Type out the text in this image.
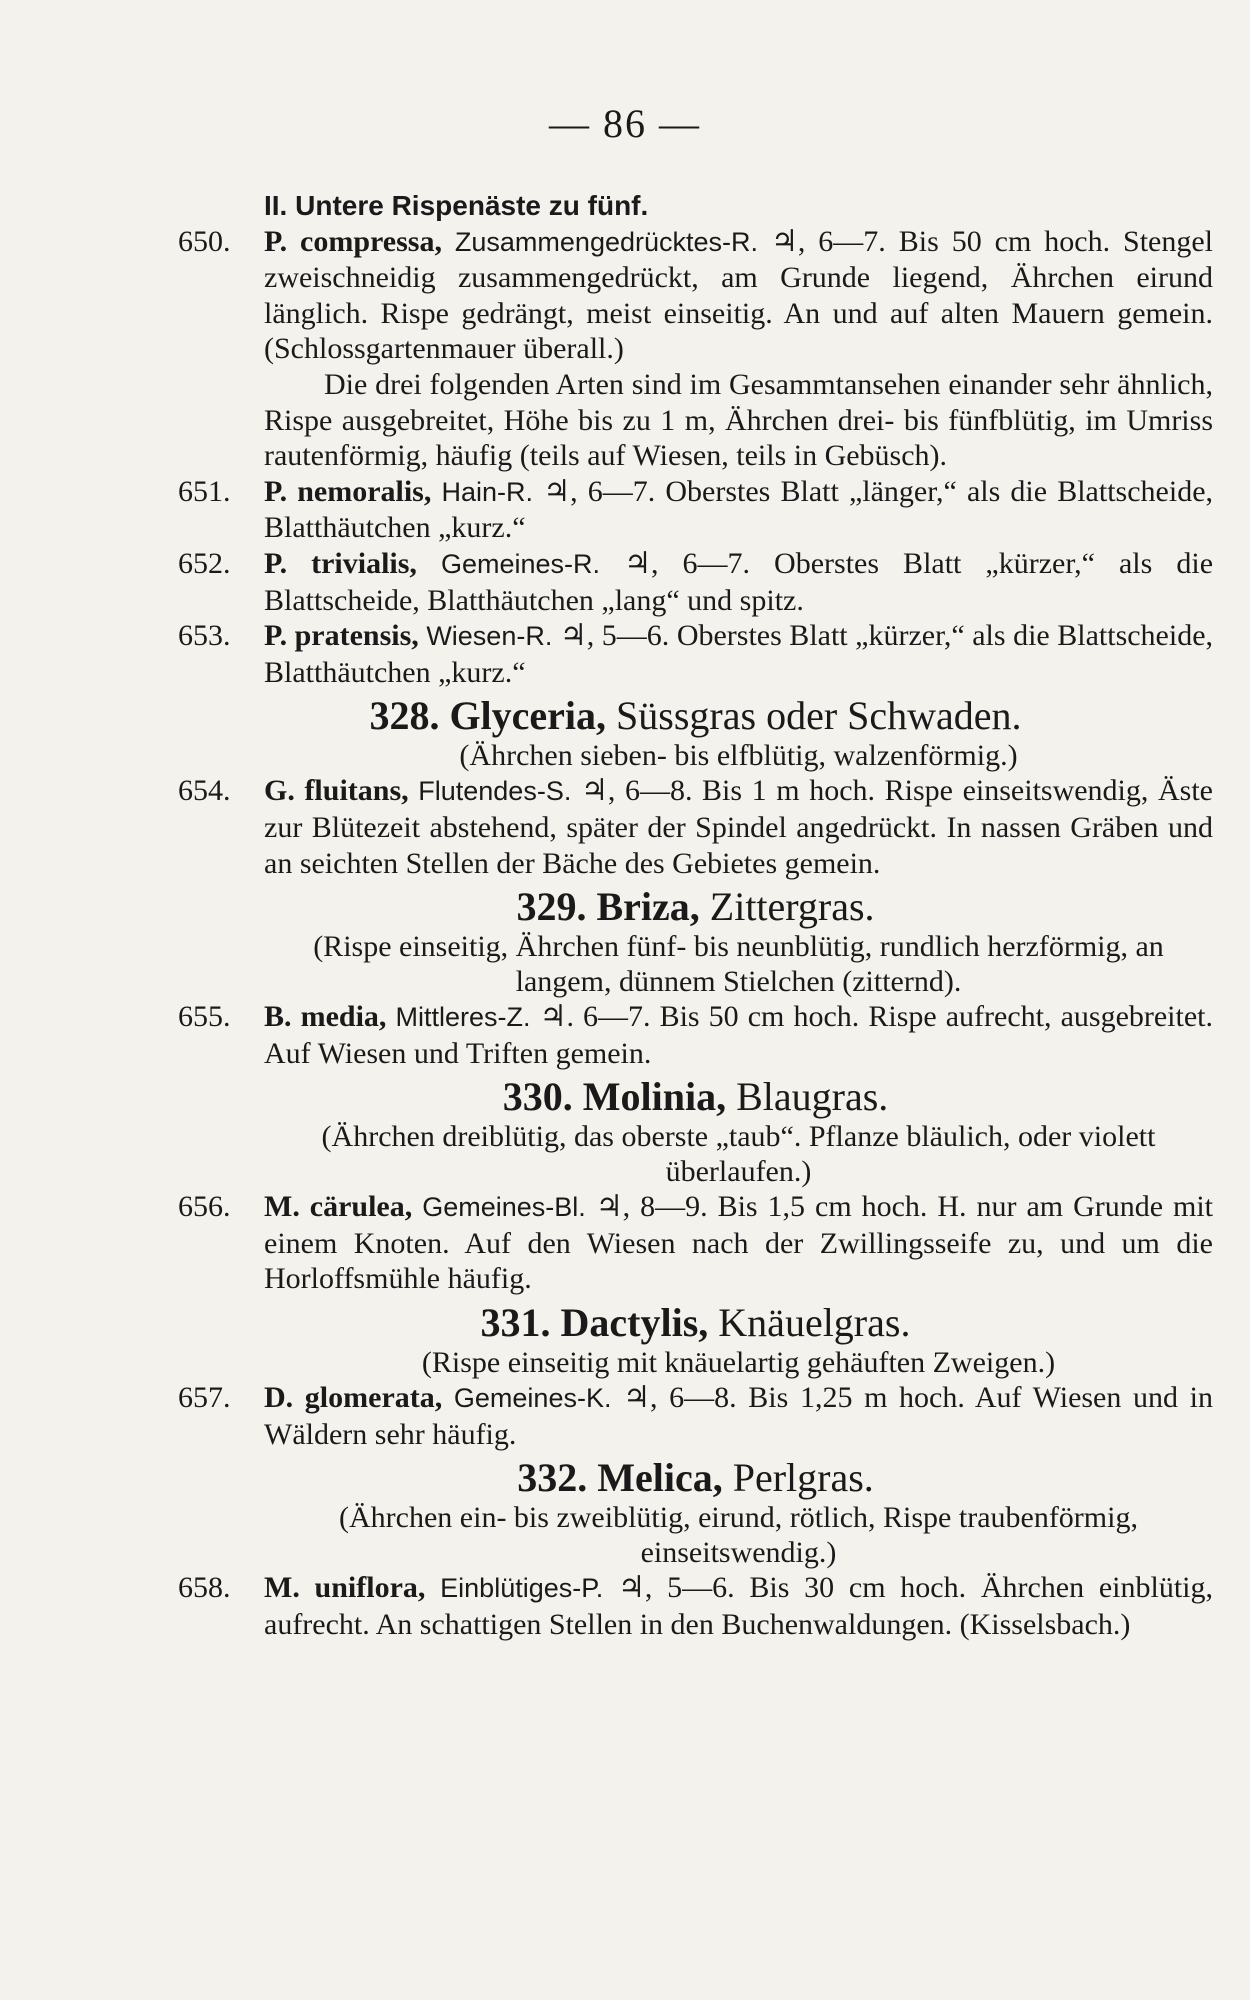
— 86 —
II. Untere Rispenäste zu fünf.
650. P. compressa, Zusammengedrücktes-R. ♃, 6—7. Bis 50 cm hoch. Stengel zweischneidig zusammengedrückt, am Grunde liegend, Ährchen eirund länglich. Rispe gedrängt, meist einseitig. An und auf alten Mauern gemein. (Schlossgartenmauer überall.)
Die drei folgenden Arten sind im Gesammtansehen einander sehr ähnlich, Rispe ausgebreitet, Höhe bis zu 1 m, Ährchen drei- bis fünfblütig, im Umriss rautenförmig, häufig (teils auf Wiesen, teils in Gebüsch).
651. P. nemoralis, Hain-R. ♃, 6—7. Oberstes Blatt „länger,“ als die Blattscheide, Blatthäutchen „kurz.“
652. P. trivialis, Gemeines-R. ♃, 6—7. Oberstes Blatt „kürzer,“ als die Blattscheide, Blatthäutchen „lang“ und spitz.
653. P. pratensis, Wiesen-R. ♃, 5—6. Oberstes Blatt „kürzer,“ als die Blattscheide, Blatthäutchen „kurz.“
328. Glyceria, Süssgras oder Schwaden.
(Ährchen sieben- bis elfblütig, walzenförmig.)
654. G. fluitans, Flutendes-S. ♃, 6—8. Bis 1 m hoch. Rispe einseitswendig, Äste zur Blütezeit abstehend, später der Spindel angedrückt. In nassen Gräben und an seichten Stellen der Bäche des Gebietes gemein.
329. Briza, Zittergras.
(Rispe einseitig, Ährchen fünf- bis neunblütig, rundlich herzförmig, an langem, dünnem Stielchen (zitternd).
655. B. media, Mittleres-Z. ♃. 6—7. Bis 50 cm hoch. Rispe aufrecht, ausgebreitet. Auf Wiesen und Triften gemein.
330. Molinia, Blaugras.
(Ährchen dreiblütig, das oberste „taub“. Pflanze bläulich, oder violett überlaufen.)
656. M. cärulea, Gemeines-Bl. ♃, 8—9. Bis 1,5 cm hoch. H. nur am Grunde mit einem Knoten. Auf den Wiesen nach der Zwillingsseife zu, und um die Horloffsmühle häufig.
331. Dactylis, Knäuelgras.
(Rispe einseitig mit knäuelartig gehäuften Zweigen.)
657. D. glomerata, Gemeines-K. ♃, 6—8. Bis 1,25 m hoch. Auf Wiesen und in Wäldern sehr häufig.
332. Melica, Perlgras.
(Ährchen ein- bis zweiblütig, eirund, rötlich, Rispe traubenförmig, einseitswendig.)
658. M. uniflora, Einblütiges-P. ♃, 5—6. Bis 30 cm hoch. Ährchen einblütig, aufrecht. An schattigen Stellen in den Buchenwaldungen. (Kisselsbach.)
